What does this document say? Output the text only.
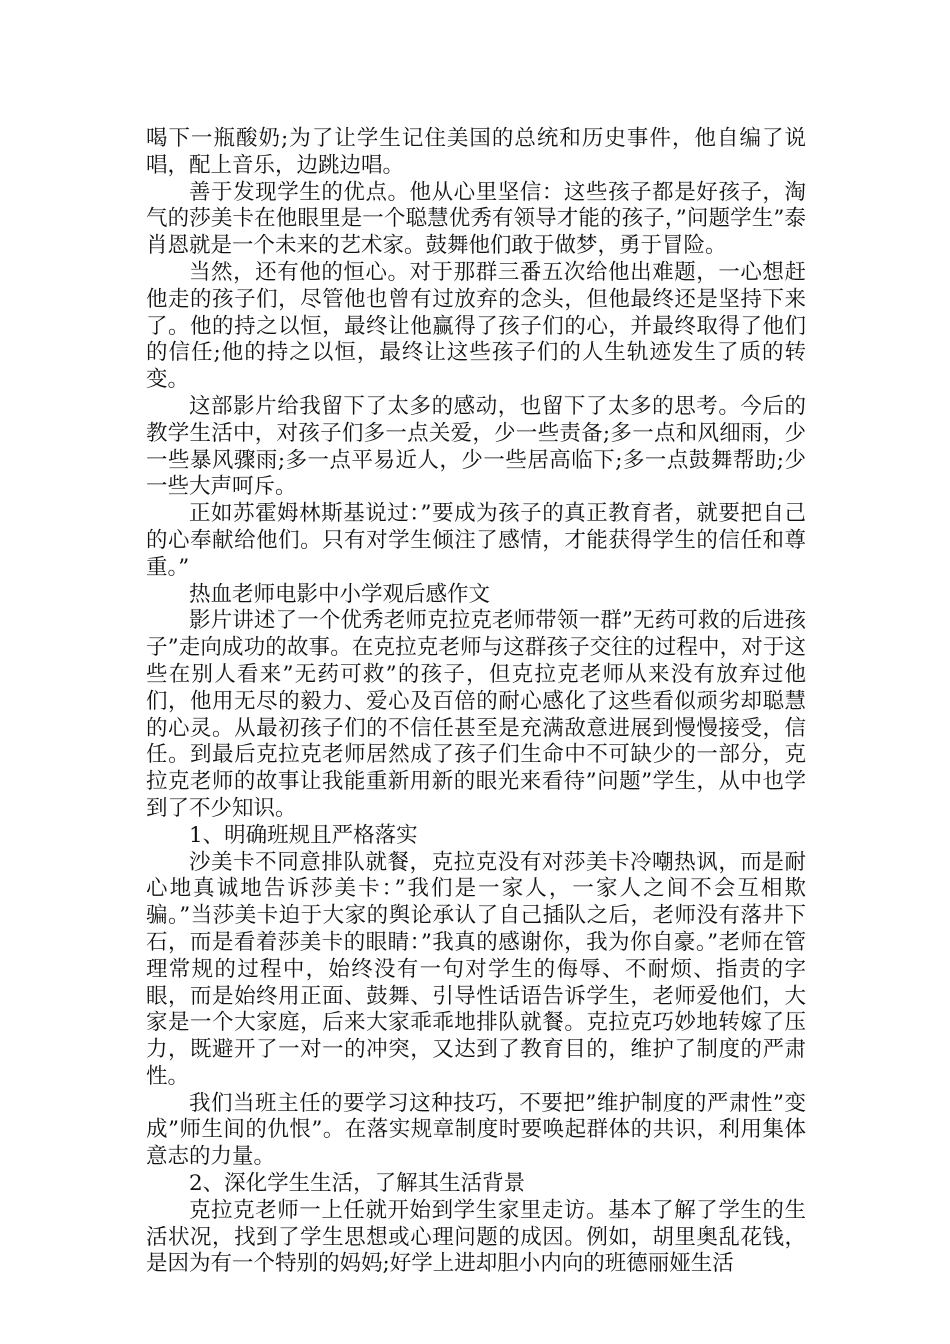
喝下一瓶酸奶;为了让学生记住美国的总统和历史事件，他自编了说唱，配上音乐，边跳边唱。

善于发现学生的优点。他从心里坚信：这些孩子都是好孩子，淘气的莎美卡在他眼里是一个聪慧优秀有领导才能的孩子，”问题学生”泰肖恩就是一个未来的艺术家。鼓舞他们敢于做梦，勇于冒险。

当然，还有他的恒心。对于那群三番五次给他出难题，一心想赶他走的孩子们，尽管他也曾有过放弃的念头，但他最终还是坚持下来了。他的持之以恒，最终让他赢得了孩子们的心，并最终取得了他们的信任;他的持之以恒，最终让这些孩子们的人生轨迹发生了质的转变。

这部影片给我留下了太多的感动，也留下了太多的思考。今后的教学生活中，对孩子们多一点关爱，少一些责备;多一点和风细雨，少一些暴风骤雨;多一点平易近人，少一些居高临下;多一点鼓舞帮助;少一些大声呵斥。

正如苏霍姆林斯基说过：”要成为孩子的真正教育者，就要把自己的心奉献给他们。只有对学生倾注了感情，才能获得学生的信任和尊重。”

热血老师电影中小学观后感作文

影片讲述了一个优秀老师克拉克老师带领一群”无药可救的后进孩子”走向成功的故事。在克拉克老师与这群孩子交往的过程中，对于这些在别人看来”无药可救”的孩子，但克拉克老师从来没有放弃过他们，他用无尽的毅力、爱心及百倍的耐心感化了这些看似顽劣却聪慧的心灵。从最初孩子们的不信任甚至是充满敌意进展到慢慢接受，信任。到最后克拉克老师居然成了孩子们生命中不可缺少的一部分，克拉克老师的故事让我能重新用新的眼光来看待”问题”学生，从中也学到了不少知识。

1、明确班规且严格落实

沙美卡不同意排队就餐，克拉克没有对莎美卡冷嘲热讽，而是耐心地真诚地告诉莎美卡：”我们是一家人，一家人之间不会互相欺骗。”当莎美卡迫于大家的舆论承认了自己插队之后，老师没有落井下石，而是看着莎美卡的眼睛：”我真的感谢你，我为你自豪。”老师在管理常规的过程中，始终没有一句对学生的侮辱、不耐烦、指责的字眼，而是始终用正面、鼓舞、引导性话语告诉学生，老师爱他们，大家是一个大家庭，后来大家乖乖地排队就餐。克拉克巧妙地转嫁了压力，既避开了一对一的冲突，又达到了教育目的，维护了制度的严肃性。

我们当班主任的要学习这种技巧，不要把”维护制度的严肃性”变成”师生间的仇恨”。在落实规章制度时要唤起群体的共识，利用集体意志的力量。

2、深化学生生活，了解其生活背景

克拉克老师一上任就开始到学生家里走访。基本了解了学生的生活状况，找到了学生思想或心理问题的成因。例如，胡里奥乱花钱，是因为有一个特别的妈妈;好学上进却胆小内向的班德丽娅生活
